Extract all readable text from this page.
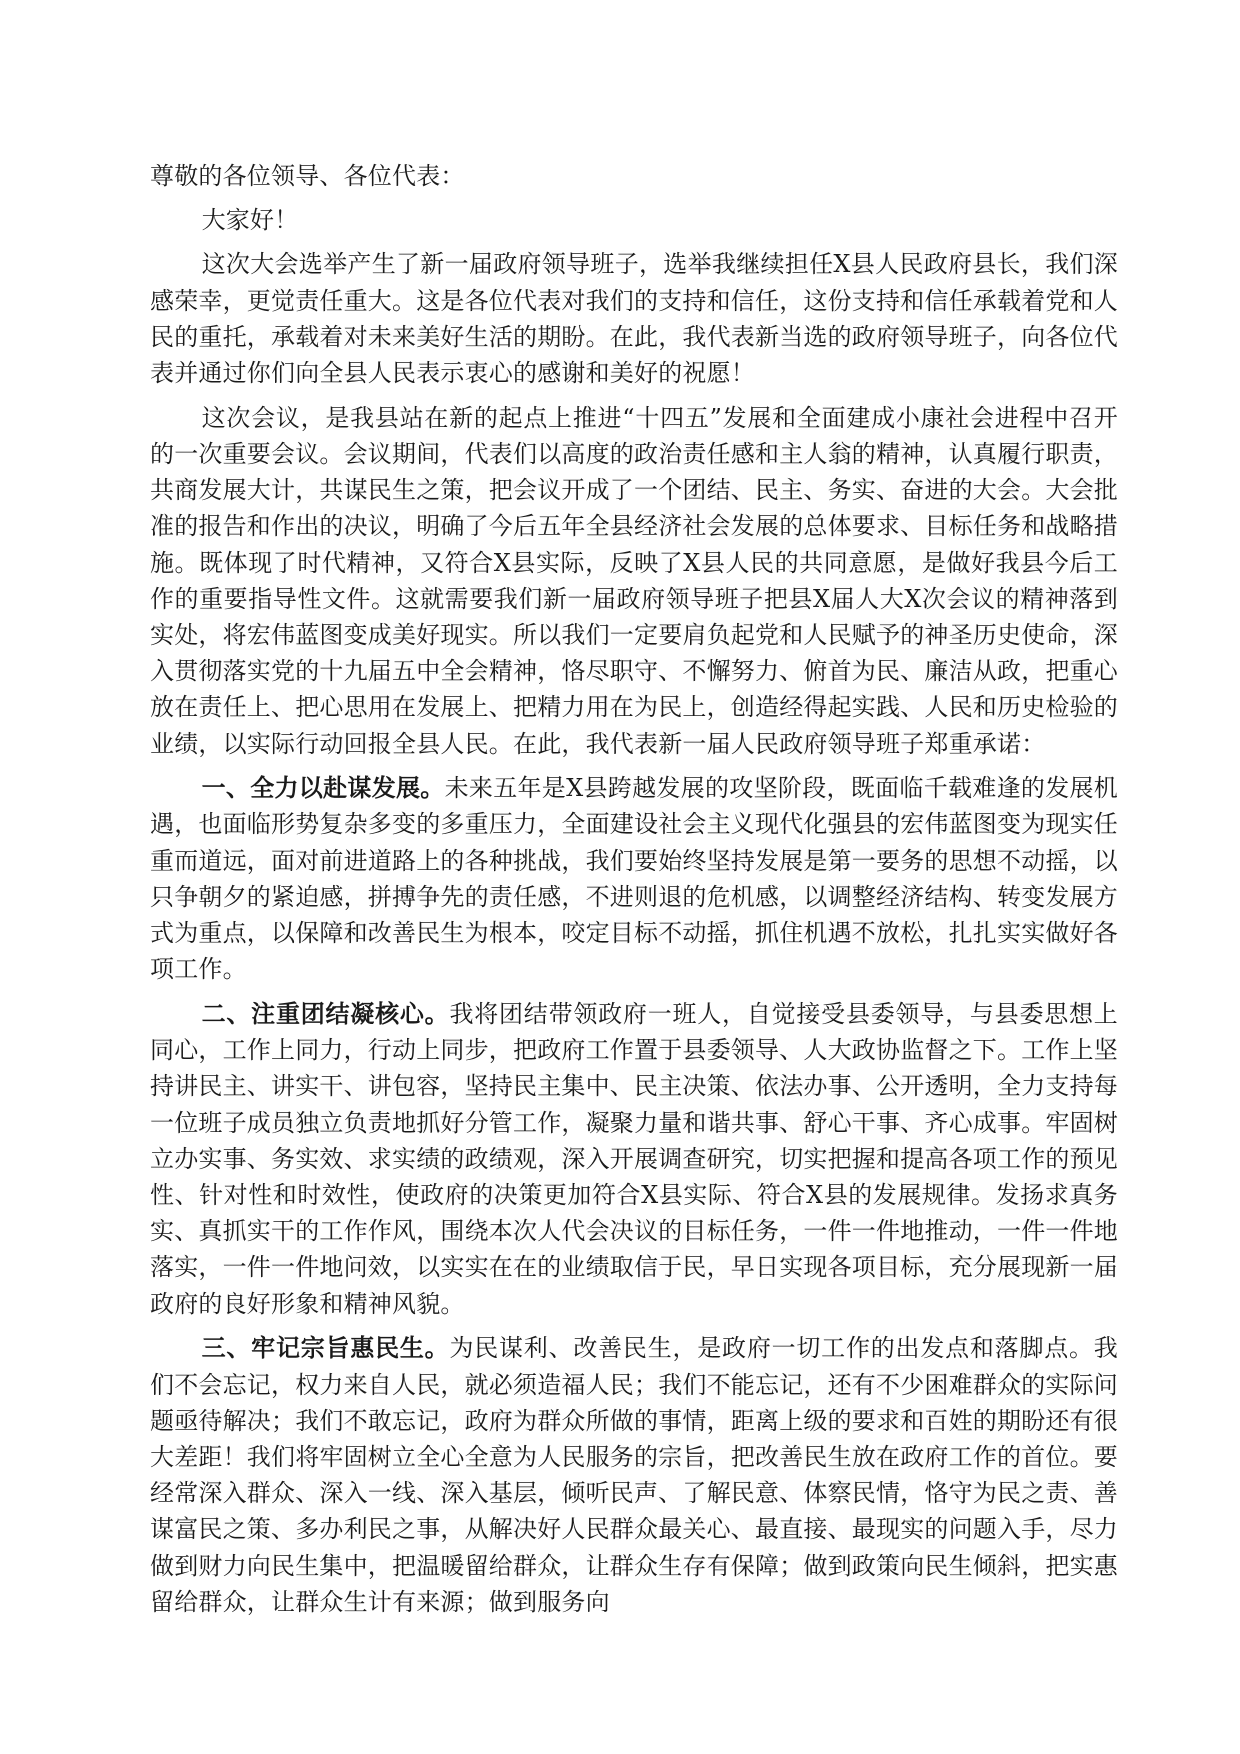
尊敬的各位领导、各位代表：

大家好！

这次大会选举产生了新一届政府领导班子，选举我继续担任X县人民政府县长，我们深感荣幸，更觉责任重大。这是各位代表对我们的支持和信任，这份支持和信任承载着党和人民的重托，承载着对未来美好生活的期盼。在此，我代表新当选的政府领导班子，向各位代表并通过你们向全县人民表示衷心的感谢和美好的祝愿！

这次会议，是我县站在新的起点上推进“十四五”发展和全面建成小康社会进程中召开的一次重要会议。会议期间，代表们以高度的政治责任感和主人翁的精神，认真履行职责，共商发展大计，共谋民生之策，把会议开成了一个团结、民主、务实、奋进的大会。大会批准的报告和作出的决议，明确了今后五年全县经济社会发展的总体要求、目标任务和战略措施。既体现了时代精神，又符合X县实际，反映了X县人民的共同意愿，是做好我县今后工作的重要指导性文件。这就需要我们新一届政府领导班子把县X届人大X次会议的精神落到实处，将宏伟蓝图变成美好现实。所以我们一定要肩负起党和人民赋予的神圣历史使命，深入贯彻落实党的十九届五中全会精神，恪尽职守、不懈努力、俯首为民、廉洁从政，把重心放在责任上、把心思用在发展上、把精力用在为民上，创造经得起实践、人民和历史检验的业绩，以实际行动回报全县人民。在此，我代表新一届人民政府领导班子郑重承诺：

一、全力以赴谋发展。未来五年是X县跨越发展的攻坚阶段，既面临千载难逢的发展机遇，也面临形势复杂多变的多重压力，全面建设社会主义现代化强县的宏伟蓝图变为现实任重而道远，面对前进道路上的各种挑战，我们要始终坚持发展是第一要务的思想不动摇，以只争朝夕的紧迫感，拼搏争先的责任感，不进则退的危机感，以调整经济结构、转变发展方式为重点，以保障和改善民生为根本，咬定目标不动摇，抓住机遇不放松，扎扎实实做好各项工作。

二、注重团结凝核心。我将团结带领政府一班人，自觉接受县委领导，与县委思想上同心，工作上同力，行动上同步，把政府工作置于县委领导、人大政协监督之下。工作上坚持讲民主、讲实干、讲包容，坚持民主集中、民主决策、依法办事、公开透明，全力支持每一位班子成员独立负责地抓好分管工作，凝聚力量和谐共事、舒心干事、齐心成事。牢固树立办实事、务实效、求实绩的政绩观，深入开展调查研究，切实把握和提高各项工作的预见性、针对性和时效性，使政府的决策更加符合X县实际、符合X县的发展规律。发扬求真务实、真抓实干的工作作风，围绕本次人代会决议的目标任务，一件一件地推动，一件一件地落实，一件一件地问效，以实实在在的业绩取信于民，早日实现各项目标，充分展现新一届政府的良好形象和精神风貌。

三、牢记宗旨惠民生。为民谋利、改善民生，是政府一切工作的出发点和落脚点。我们不会忘记，权力来自人民，就必须造福人民；我们不能忘记，还有不少困难群众的实际问题亟待解决；我们不敢忘记，政府为群众所做的事情，距离上级的要求和百姓的期盼还有很大差距！我们将牢固树立全心全意为人民服务的宗旨，把改善民生放在政府工作的首位。要经常深入群众、深入一线、深入基层，倾听民声、了解民意、体察民情，恪守为民之责、善谋富民之策、多办利民之事，从解决好人民群众最关心、最直接、最现实的问题入手，尽力做到财力向民生集中，把温暖留给群众，让群众生存有保障；做到政策向民生倾斜，把实惠留给群众，让群众生计有来源；做到服务向
